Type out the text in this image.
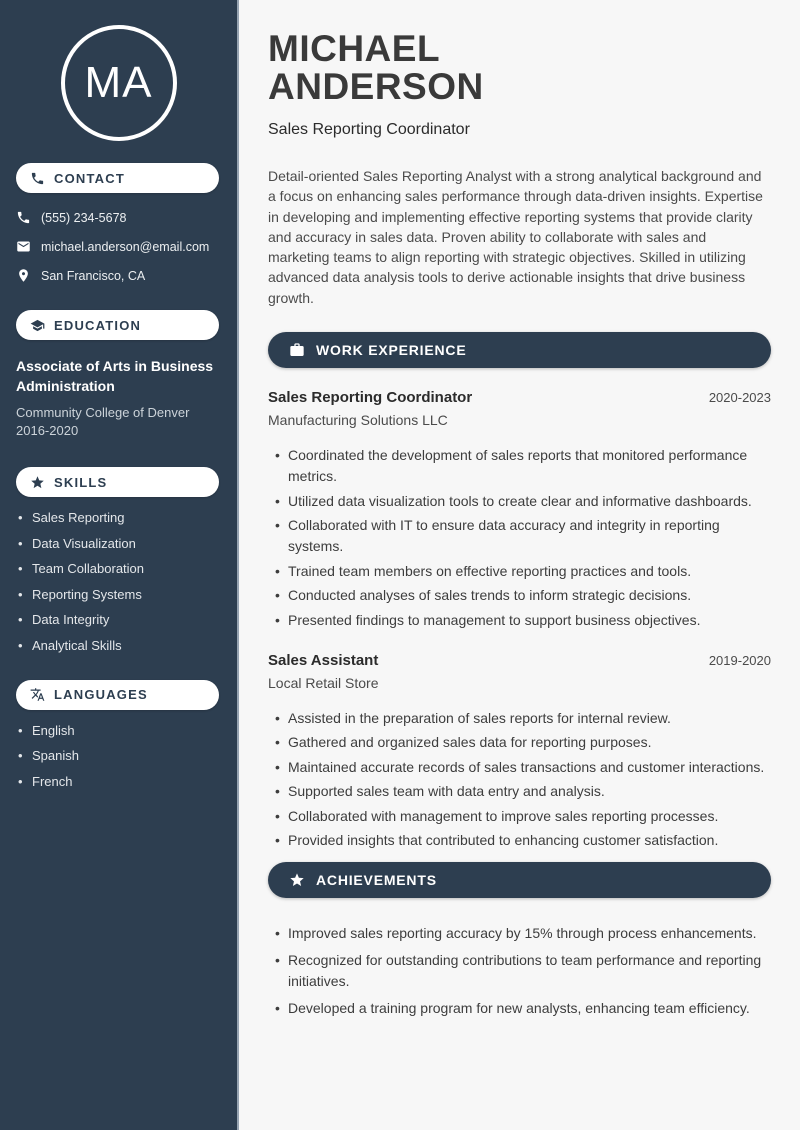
MA
CONTACT
(555) 234-5678
michael.anderson@email.com
San Francisco, CA
EDUCATION
Associate of Arts in Business Administration
Community College of Denver
2016-2020
SKILLS
• Sales Reporting
• Data Visualization
• Team Collaboration
• Reporting Systems
• Data Integrity
• Analytical Skills
LANGUAGES
• English
• Spanish
• French
MICHAEL
ANDERSON
Sales Reporting Coordinator

Detail-oriented Sales Reporting Analyst with a strong analytical background and a focus on enhancing sales performance through data-driven insights. Expertise in developing and implementing effective reporting systems that provide clarity and accuracy in sales data. Proven ability to collaborate with sales and marketing teams to align reporting with strategic objectives. Skilled in utilizing advanced data analysis tools to derive actionable insights that drive business growth.

WORK EXPERIENCE
Sales Reporting Coordinator	2020-2023
Manufacturing Solutions LLC
• Coordinated the development of sales reports that monitored performance metrics.
• Utilized data visualization tools to create clear and informative dashboards.
• Collaborated with IT to ensure data accuracy and integrity in reporting systems.
• Trained team members on effective reporting practices and tools.
• Conducted analyses of sales trends to inform strategic decisions.
• Presented findings to management to support business objectives.
Sales Assistant	2019-2020
Local Retail Store
• Assisted in the preparation of sales reports for internal review.
• Gathered and organized sales data for reporting purposes.
• Maintained accurate records of sales transactions and customer interactions.
• Supported sales team with data entry and analysis.
• Collaborated with management to improve sales reporting processes.
• Provided insights that contributed to enhancing customer satisfaction.
ACHIEVEMENTS
• Improved sales reporting accuracy by 15% through process enhancements.
• Recognized for outstanding contributions to team performance and reporting initiatives.
• Developed a training program for new analysts, enhancing team efficiency.
